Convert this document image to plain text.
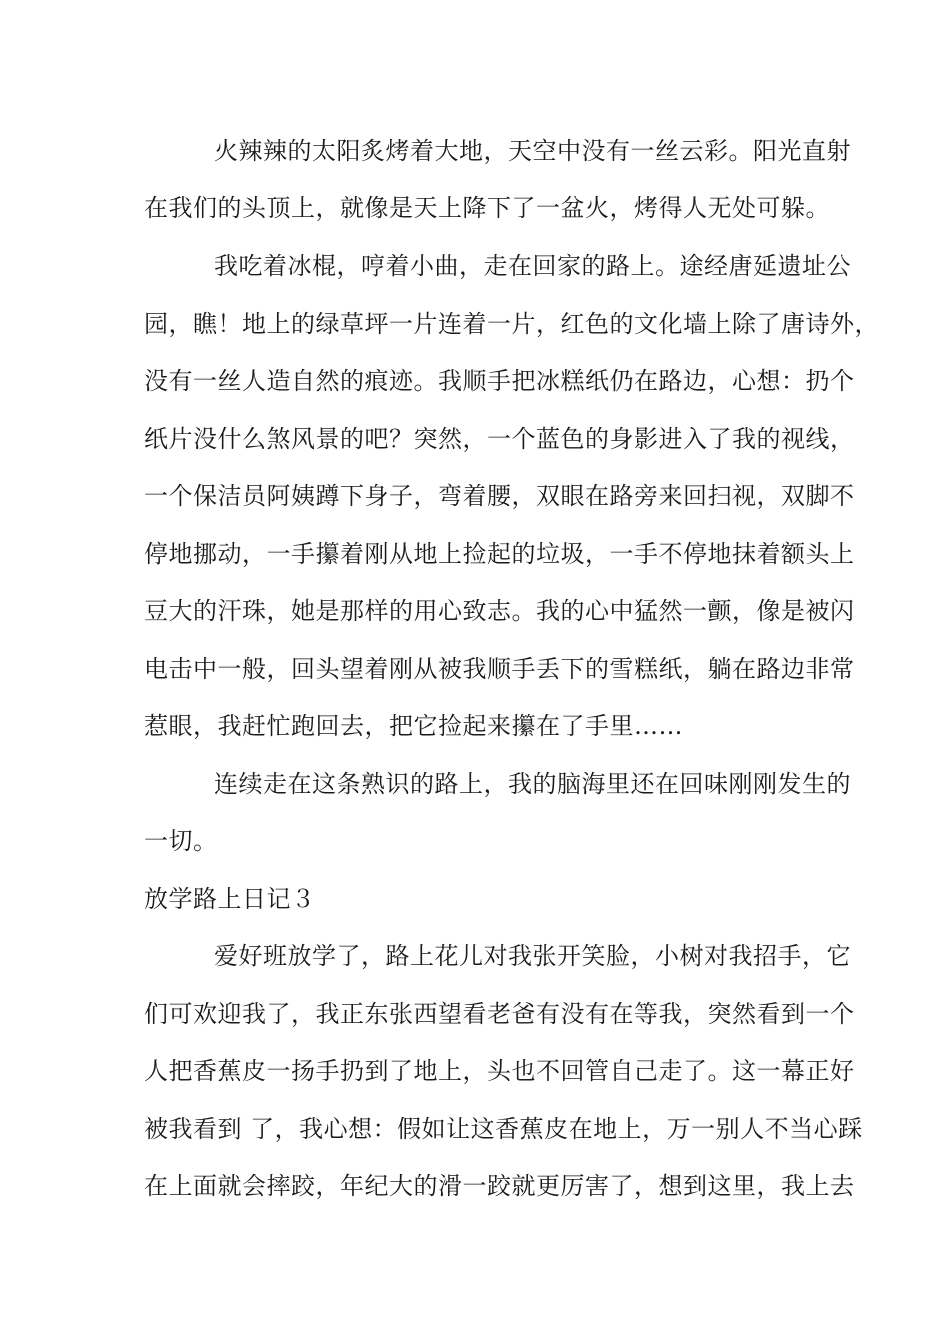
火辣辣的太阳炙烤着大地，天空中没有一丝云彩。阳光直射
在我们的头顶上，就像是天上降下了一盆火，烤得人无处可躲。
我吃着冰棍，哼着小曲，走在回家的路上。途经唐延遗址公
园，瞧！地上的绿草坪一片连着一片，红色的文化墙上除了唐诗外，
没有一丝人造自然的痕迹。我顺手把冰糕纸仍在路边，心想：扔个
纸片没什么煞风景的吧？突然，一个蓝色的身影进入了我的视线，
一个保洁员阿姨蹲下身子，弯着腰，双眼在路旁来回扫视，双脚不
停地挪动，一手攥着刚从地上捡起的垃圾，一手不停地抹着额头上
豆大的汗珠，她是那样的用心致志。我的心中猛然一颤，像是被闪
电击中一般，回头望着刚从被我顺手丢下的雪糕纸，躺在路边非常
惹眼，我赶忙跑回去，把它捡起来攥在了手里……
连续走在这条熟识的路上，我的脑海里还在回味刚刚发生的
一切。
放学路上日记３
爱好班放学了，路上花儿对我张开笑脸，小树对我招手，它
们可欢迎我了，我正东张西望看老爸有没有在等我，突然看到一个
人把香蕉皮一扬手扔到了地上，头也不回管自己走了。这一幕正好
被我看到 了，我心想：假如让这香蕉皮在地上，万一别人不当心踩
在上面就会摔跤，年纪大的滑一跤就更厉害了，想到这里，我上去
